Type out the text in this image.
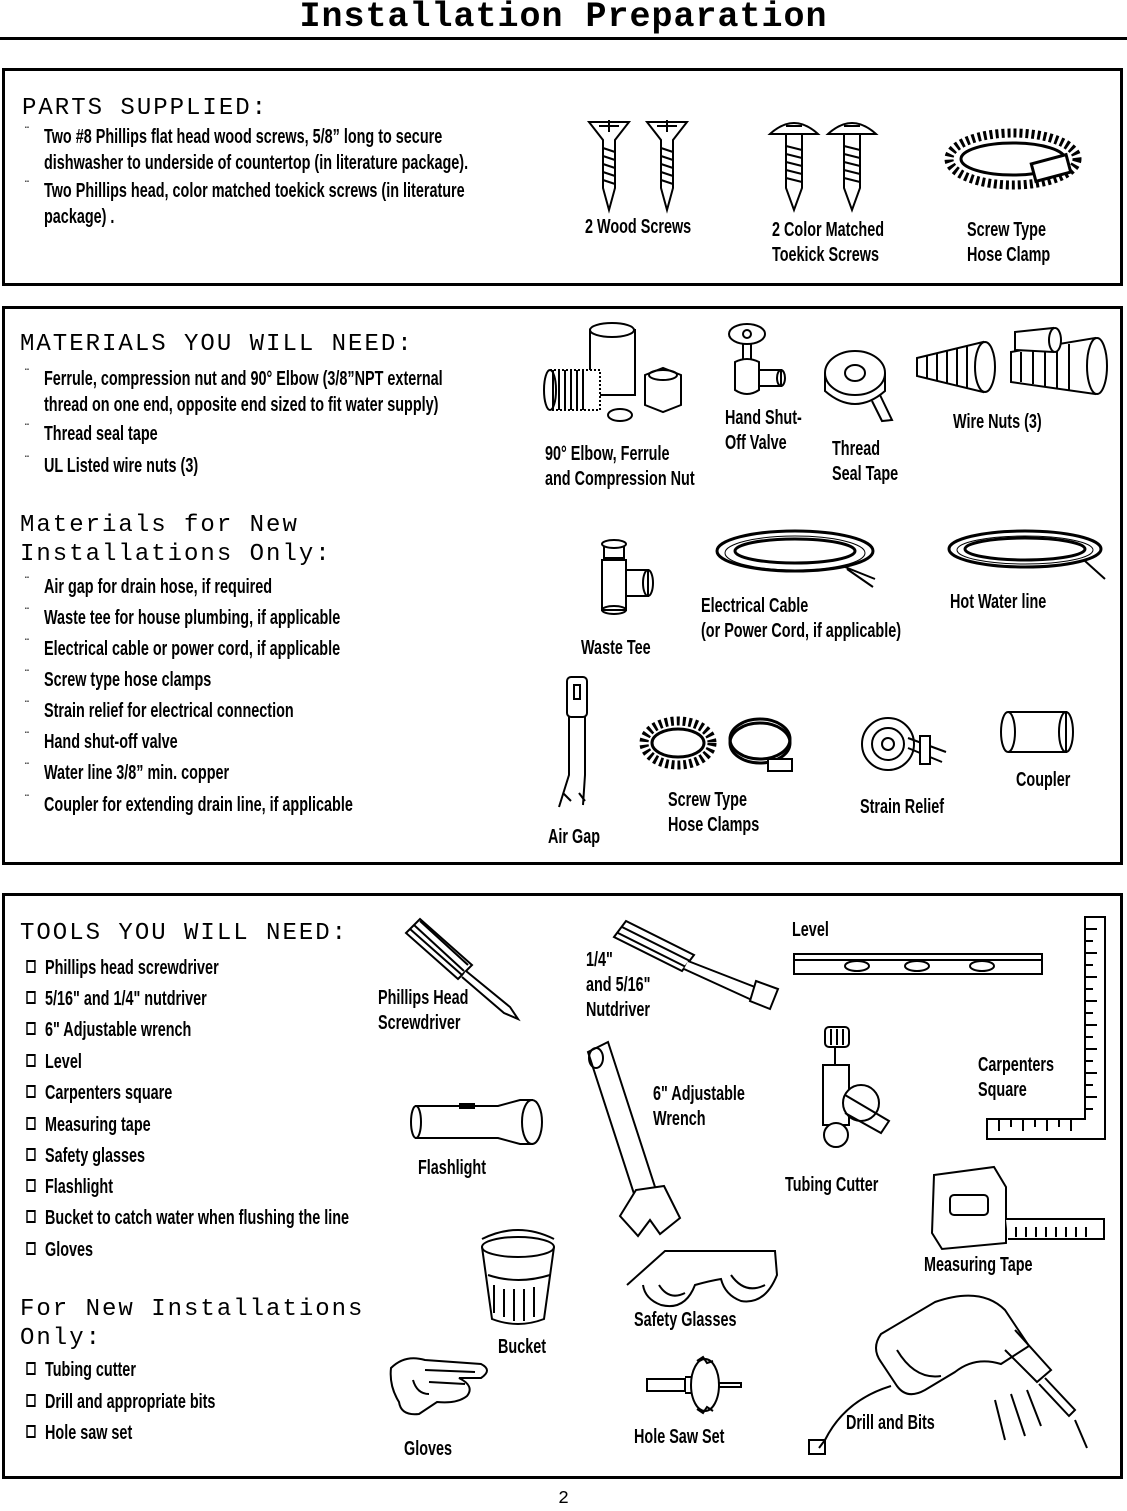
Installation Preparation
PARTS SUPPLIED:
¨ Two #8 Phillips flat head wood screws, 5/8” long to secure
dishwasher to underside of countertop (in literature package).
¨ Two Phillips head, color matched toekick screws (in literature
package) .	2 Wood Screws	2 Color Matched
Toekick Screws
Screw Type
Hose Clamp
MATERIALS YOU WILL NEED:
¨ Ferrule, compression nut and 90° Elbow (3/8”NPT external
thread on one end, opposite end sized to fit water supply)
¨ Thread seal tape
¨ UL Listed wire nuts (3)
Materials for New
Installations Only:
¨ Air gap for drain hose, if required
¨ Waste tee for house plumbing, if applicable
¨ Electrical cable or power cord, if applicable
¨ Screw type hose clamps
¨ Strain relief for electrical connection
¨ Hand shut-off valve
¨ Water line 3/8” min. copper
¨ Coupler for extending drain line, if applicable
90° Elbow, Ferrule
and Compression Nut
Hand Shut-
Off Valve	Thread
Seal Tape
Wire Nuts (3)
Waste Tee
Electrical Cable
(or Power Cord, if applicable)
Hot Water line
Air Gap
Screw Type
Hose Clamps
Strain Relief
Coupler
TOOLS YOU WILL NEED:
Phillips head screwdriver
5/16" and 1/4" nutdriver
6" Adjustable wrench
Level
Carpenters square
Measuring tape
Safety glasses
Flashlight
Bucket to catch water when flushing the line
Gloves
For New Installations
Only:
Tubing cutter
Drill and appropriate bits
Hole saw set
Phillips Head
Screwdriver
1/4"
and 5/16"
Nutdriver
Level
Carpenters
Square
6" Adjustable
Wrench
Flashlight
Tubing Cutter
Measuring Tape
Bucket
Safety Glasses
Gloves
Hole Saw Set
Drill and Bits
2
